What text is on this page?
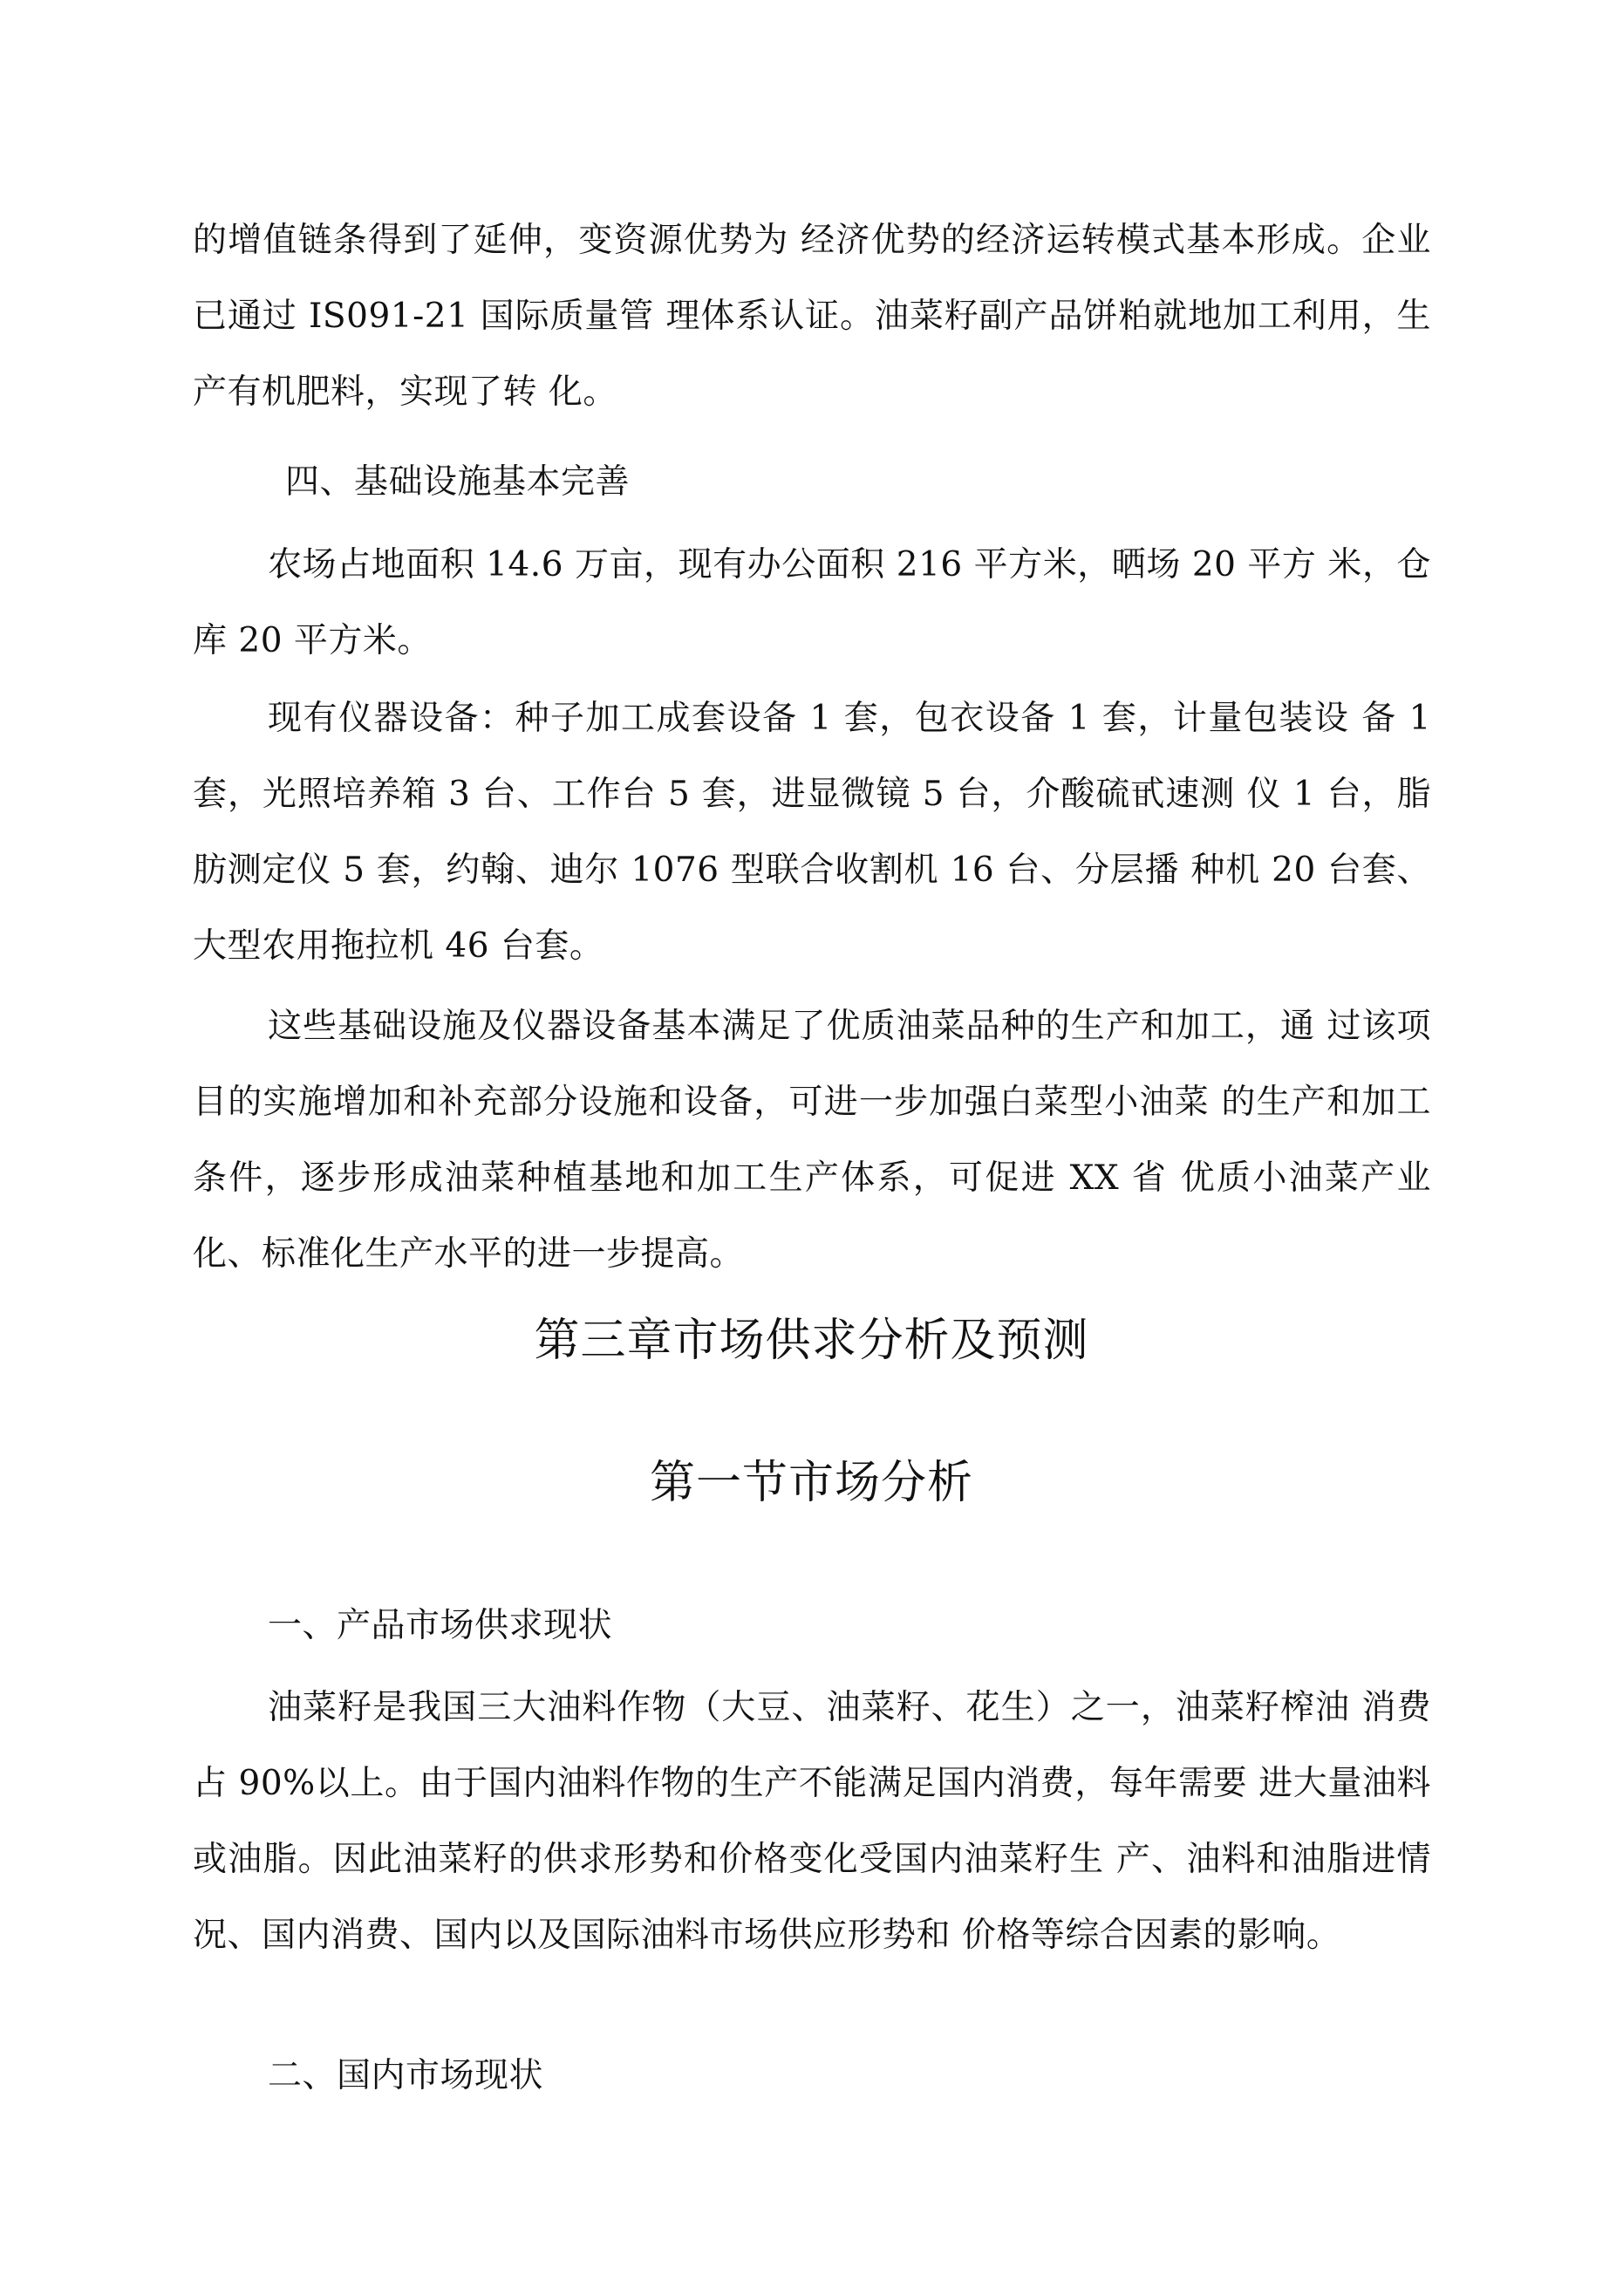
的增值链条得到了延伸，变资源优势为 经济优势的经济运转模式基本形成。企业已通过 IS091-21 国际质量管 理体系认证。油菜籽副产品饼粕就地加工利用，生产有机肥料，实现了转 化。
四、基础设施基本完善
农场占地面积 14.6 万亩，现有办公面积 216 平方米，晒场 20 平方 米，仓库 20 平方米。
现有仪器设备：种子加工成套设备 1 套，包衣设备 1 套，计量包装设 备 1 套，光照培养箱 3 台、工作台 5 套，进显微镜 5 台，介酸硫甙速测 仪 1 台，脂肪测定仪 5 套，约翰、迪尔 1076 型联合收割机 16 台、分层播 种机 20 台套、大型农用拖拉机 46 台套。
这些基础设施及仪器设备基本满足了优质油菜品种的生产和加工，通 过该项目的实施增加和补充部分设施和设备，可进一步加强白菜型小油菜 的生产和加工条件，逐步形成油菜种植基地和加工生产体系，可促进 XX 省 优质小油菜产业化、标准化生产水平的进一步提高。
第三章市场供求分析及预测
第一节市场分析
一、产品市场供求现状
油菜籽是我国三大油料作物（大豆、油菜籽、花生）之一，油菜籽榨油 消费占 90%以上。由于国内油料作物的生产不能满足国内消费，每年需要 进大量油料或油脂。因此油菜籽的供求形势和价格变化受国内油菜籽生 产、油料和油脂进情况、国内消费、国内以及国际油料市场供应形势和 价格等综合因素的影响。
二、国内市场现状
